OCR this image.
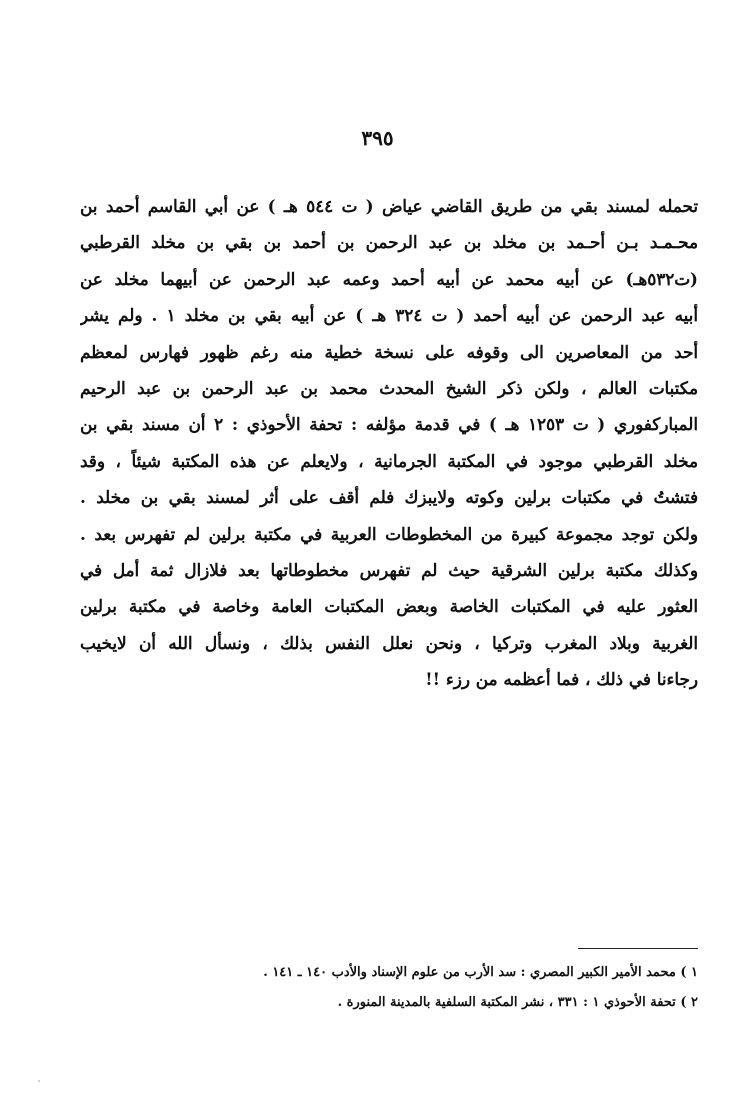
٣٩٥
تحمله لمسند بقي من طريق القاضي عياض ( ت ٥٤٤ هـ ) عن أبي القاسم أحمد بن
محـمـد بـن أحـمد بن مخلد بن عبد الرحمن بن أحمد بن بقي بن مخلد القرطبي
(ت٥٣٢هـ) عن أبيه محمد عن أبيه أحمد وعمه عبد الرحمن عن أبيهما مخلد عن
أبيه عبد الرحمن عن أبيه أحمد ( ت ٣٢٤ هـ ) عن أبيه بقي بن مخلد ١ . ولم يشر
أحد من المعاصرين الى وقوفه على نسخة خطية منه رغم ظهور فهارس لمعظم
مكتبات العالم ، ولكن ذكر الشيخ المحدث محمد بن عبد الرحمن بن عبد الرحيم
المباركفوري ( ت ١٢٥٣ هـ ) في قدمة مؤلفه : تحفة الأحوذي : ٢ أن مسند بقي بن
مخلد القرطبي موجود في المكتبة الجرمانية ، ولايعلم عن هذه المكتبة شيئاً ، وقد
فتشتُ في مكتبات برلين وكوته ولايبزك فلم أقف على أثر لمسند بقي بن مخلد .
ولكن توجد مجموعة كبيرة من المخطوطات العربية في مكتبة برلين لم تفهرس بعد .
وكذلك مكتبة برلين الشرقية حيث لم تفهرس مخطوطاتها بعد فلازال ثمة أمل في
العثور عليه في المكتبات الخاصة وبعض المكتبات العامة وخاصة في مكتبة برلين
الغربية وبلاد المغرب وتركيا ، ونحن نعلل النفس بذلك ، ونسأل الله أن لايخيب
رجاءنا في ذلك ، فما أعظمه من رزء !!
١ ) محمد الأمير الكبير المصري : سد الأرب من علوم الإسناد والأدب ١٤٠ ـ ١٤١ .
٢ ) تحفة الأحوذي ١ : ٣٣١ ، نشر المكتبة السلفية بالمدينة المنورة .
